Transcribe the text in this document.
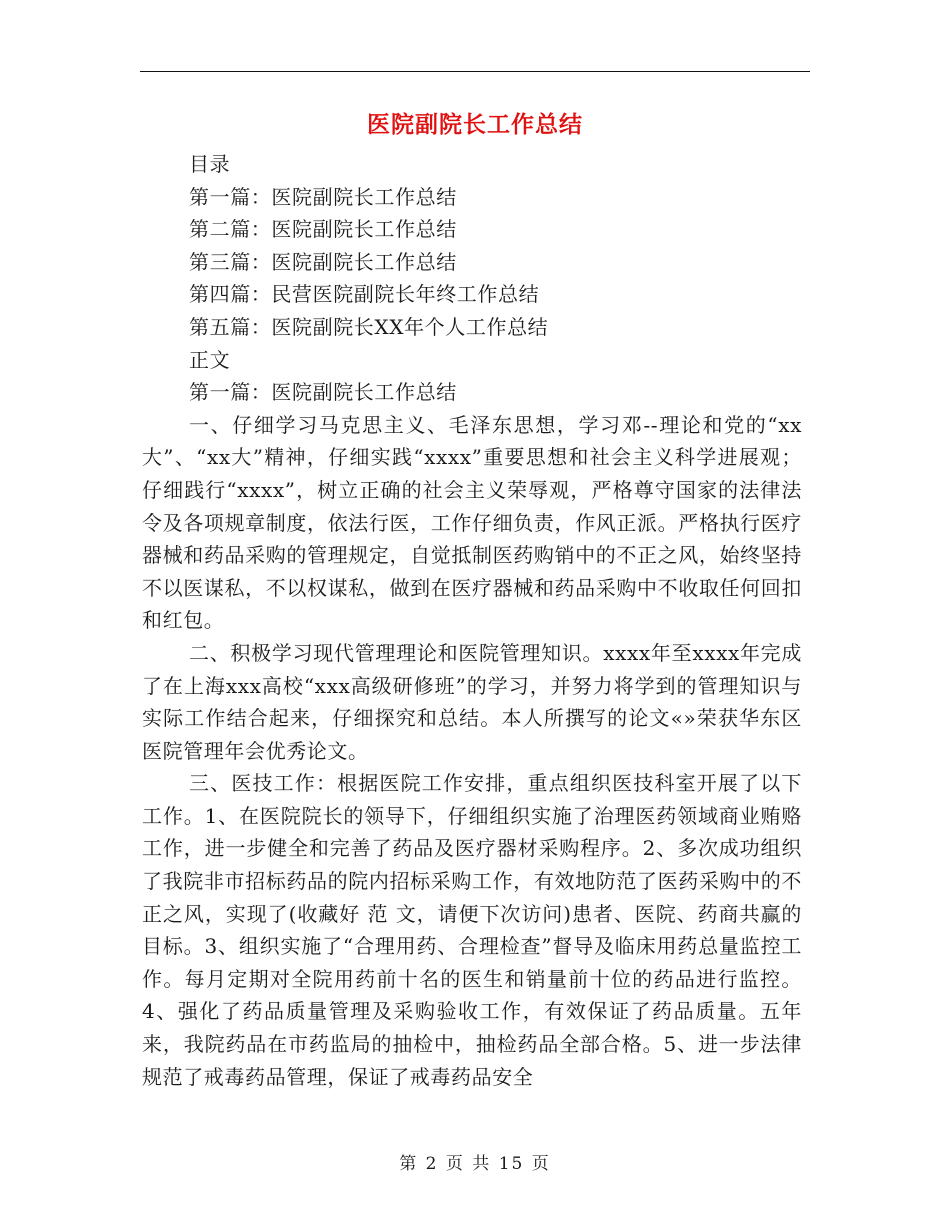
医院副院长工作总结
目录
第一篇：医院副院长工作总结
第二篇：医院副院长工作总结
第三篇：医院副院长工作总结
第四篇：民营医院副院长年终工作总结
第五篇：医院副院长XX年个人工作总结
正文
第一篇：医院副院长工作总结

一、仔细学习马克思主义、毛泽东思想，学习邓--理论和党的“xx大”、“xx大”精神，仔细实践“xxxx”重要思想和社会主义科学进展观；仔细践行“xxxx”，树立正确的社会主义荣辱观，严格尊守国家的法律法令及各项规章制度，依法行医，工作仔细负责，作风正派。严格执行医疗器械和药品采购的管理规定，自觉抵制医药购销中的不正之风，始终坚持不以医谋私，不以权谋私，做到在医疗器械和药品采购中不收取任何回扣和红包。

二、积极学习现代管理理论和医院管理知识。xxxx年至xxxx年完成了在上海xxx高校“xxx高级研修班”的学习，并努力将学到的管理知识与实际工作结合起来，仔细探究和总结。本人所撰写的论文«»荣获华东区医院管理年会优秀论文。

三、医技工作：根据医院工作安排，重点组织医技科室开展了以下工作。1、在医院院长的领导下，仔细组织实施了治理医药领域商业贿赂工作，进一步健全和完善了药品及医疗器材采购程序。2、多次成功组织了我院非市招标药品的院内招标采购工作，有效地防范了医药采购中的不正之风，实现了(收藏好 范 文，请便下次访问)患者、医院、药商共赢的目标。3、组织实施了“合理用药、合理检查”督导及临床用药总量监控工作。每月定期对全院用药前十名的医生和销量前十位的药品进行监控。4、强化了药品质量管理及采购验收工作，有效保证了药品质量。五年来，我院药品在市药监局的抽检中，抽检药品全部合格。5、进一步法律规范了戒毒药品管理，保证了戒毒药品安全

第 2 页 共 15 页
